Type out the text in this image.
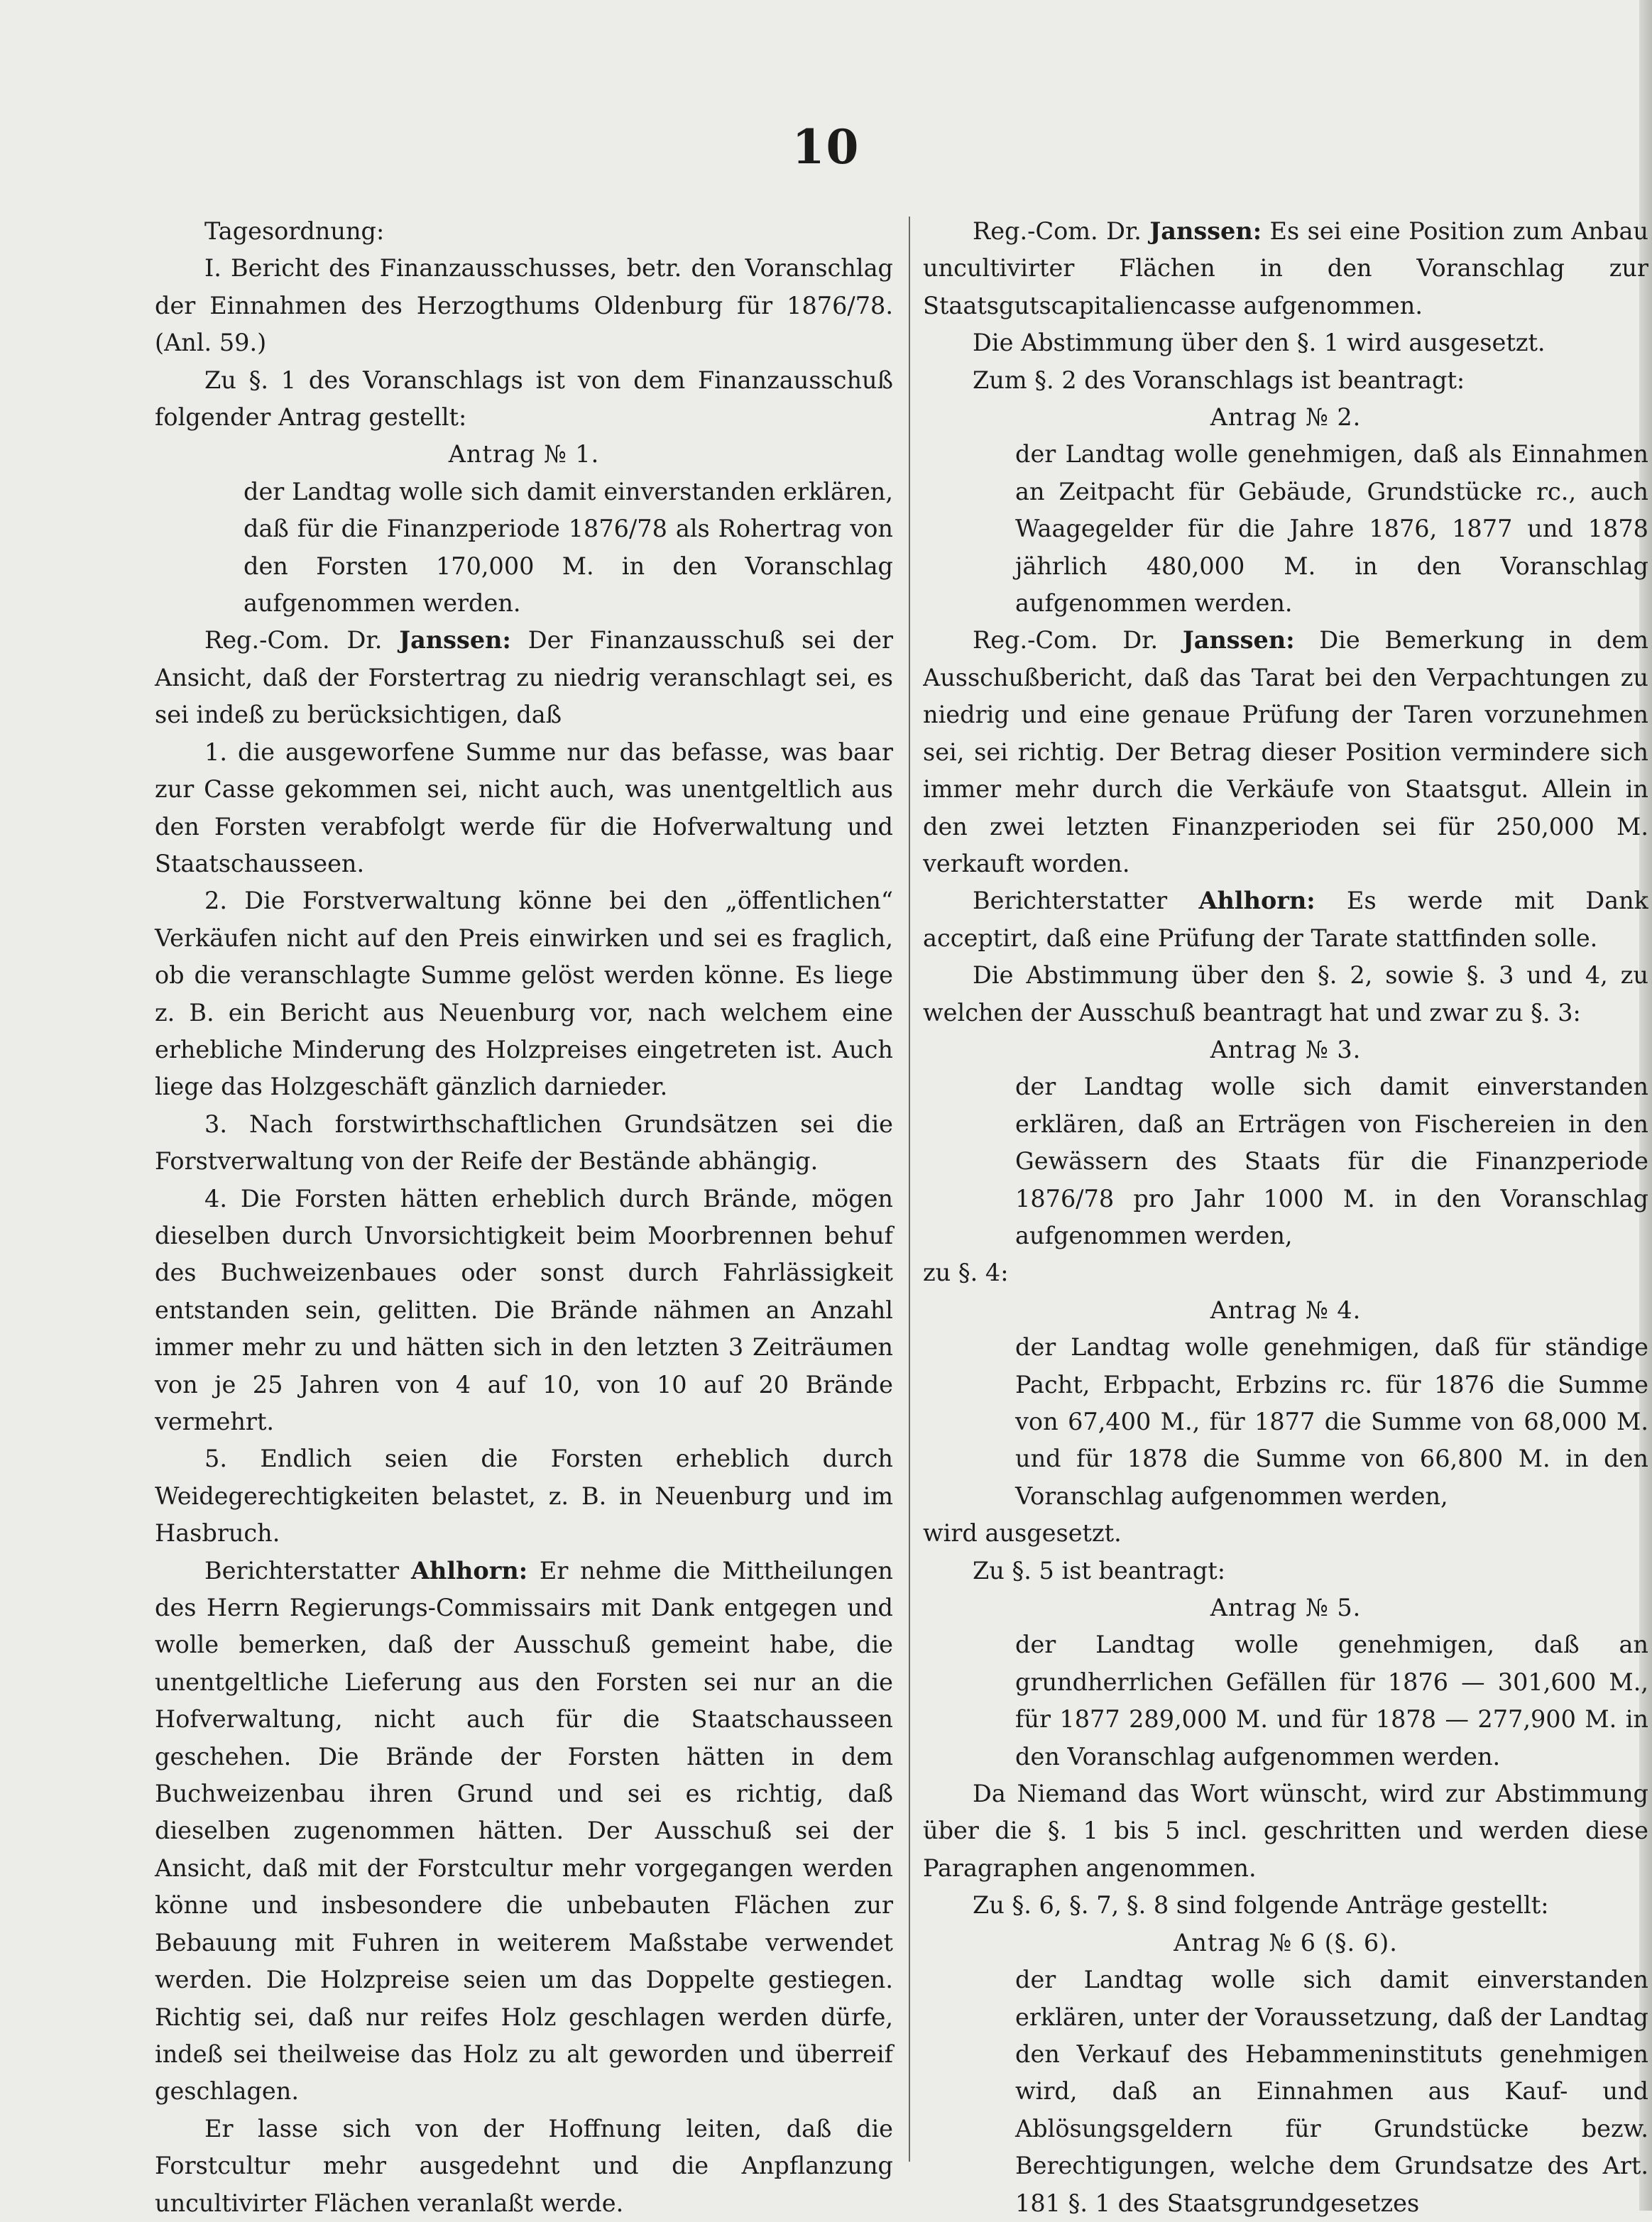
10

Tagesordnung:

I. Bericht des Finanzausschusses, betr. den Voranschlag der Einnahmen des Herzogthums Oldenburg für 1876/78. (Anl. 59.)

Zu §. 1 des Voranschlags ist von dem Finanzausschuß folgender Antrag gestellt:

Antrag № 1.

der Landtag wolle sich damit einverstanden erklären, daß für die Finanzperiode 1876/78 als Rohertrag von den Forsten 170,000 M. in den Voranschlag aufgenommen werden.

Reg.-Com. Dr. Janssen: Der Finanzausschuß sei der Ansicht, daß der Forstertrag zu niedrig veranschlagt sei, es sei indeß zu berücksichtigen, daß

1. die ausgeworfene Summe nur das befasse, was baar zur Casse gekommen sei, nicht auch, was unentgeltlich aus den Forsten verabfolgt werde für die Hofverwaltung und Staatschausseen.

2. Die Forstverwaltung könne bei den „öffentlichen“ Verkäufen nicht auf den Preis einwirken und sei es fraglich, ob die veranschlagte Summe gelöst werden könne. Es liege z. B. ein Bericht aus Neuenburg vor, nach welchem eine erhebliche Minderung des Holzpreises eingetreten ist. Auch liege das Holzgeschäft gänzlich darnieder.

3. Nach forstwirthschaftlichen Grundsätzen sei die Forstverwaltung von der Reife der Bestände abhängig.

4. Die Forsten hätten erheblich durch Brände, mögen dieselben durch Unvorsichtigkeit beim Moorbrennen behuf des Buchweizenbaues oder sonst durch Fahrlässigkeit entstanden sein, gelitten. Die Brände nähmen an Anzahl immer mehr zu und hätten sich in den letzten 3 Zeiträumen von je 25 Jahren von 4 auf 10, von 10 auf 20 Brände vermehrt.

5. Endlich seien die Forsten erheblich durch Weidegerechtigkeiten belastet, z. B. in Neuenburg und im Hasbruch.

Berichterstatter Ahlhorn: Er nehme die Mittheilungen des Herrn Regierungs-Commissairs mit Dank entgegen und wolle bemerken, daß der Ausschuß gemeint habe, die unentgeltliche Lieferung aus den Forsten sei nur an die Hofverwaltung, nicht auch für die Staatschausseen geschehen. Die Brände der Forsten hätten in dem Buchweizenbau ihren Grund und sei es richtig, daß dieselben zugenommen hätten. Der Ausschuß sei der Ansicht, daß mit der Forstcultur mehr vorgegangen werden könne und insbesondere die unbebauten Flächen zur Bebauung mit Fuhren in weiterem Maßstabe verwendet werden. Die Holzpreise seien um das Doppelte gestiegen. Richtig sei, daß nur reifes Holz geschlagen werden dürfe, indeß sei theilweise das Holz zu alt geworden und überreif geschlagen.

Er lasse sich von der Hoffnung leiten, daß die Forstcultur mehr ausgedehnt und die Anpflanzung uncultivirter Flächen veranlaßt werde.

Reg.-Com. Dr. Janssen: Es sei eine Position zum Anbau uncultivirter Flächen in den Voranschlag zur Staatsgutscapitaliencasse aufgenommen.

Die Abstimmung über den §. 1 wird ausgesetzt.

Zum §. 2 des Voranschlags ist beantragt:

Antrag № 2.

der Landtag wolle genehmigen, daß als Einnahmen an Zeitpacht für Gebäude, Grundstücke rc., auch Waagegelder für die Jahre 1876, 1877 und 1878 jährlich 480,000 M. in den Voranschlag aufgenommen werden.

Reg.-Com. Dr. Janssen: Die Bemerkung in dem Ausschußbericht, daß das Tarat bei den Verpachtungen zu niedrig und eine genaue Prüfung der Taren vorzunehmen sei, sei richtig. Der Betrag dieser Position vermindere sich immer mehr durch die Verkäufe von Staatsgut. Allein in den zwei letzten Finanzperioden sei für 250,000 M. verkauft worden.

Berichterstatter Ahlhorn: Es werde mit Dank acceptirt, daß eine Prüfung der Tarate stattfinden solle.

Die Abstimmung über den §. 2, sowie §. 3 und 4, zu welchen der Ausschuß beantragt hat und zwar zu §. 3:

Antrag № 3.

der Landtag wolle sich damit einverstanden erklären, daß an Erträgen von Fischereien in den Gewässern des Staats für die Finanzperiode 1876/78 pro Jahr 1000 M. in den Voranschlag aufgenommen werden,

zu §. 4:

Antrag № 4.

der Landtag wolle genehmigen, daß für ständige Pacht, Erbpacht, Erbzins rc. für 1876 die Summe von 67,400 M., für 1877 die Summe von 68,000 M. und für 1878 die Summe von 66,800 M. in den Voranschlag aufgenommen werden,

wird ausgesetzt.

Zu §. 5 ist beantragt:

Antrag № 5.

der Landtag wolle genehmigen, daß an grundherrlichen Gefällen für 1876 — 301,600 M., für 1877 289,000 M. und für 1878 — 277,900 M. in den Voranschlag aufgenommen werden.

Da Niemand das Wort wünscht, wird zur Abstimmung über die §. 1 bis 5 incl. geschritten und werden diese Paragraphen angenommen.

Zu §. 6, §. 7, §. 8 sind folgende Anträge gestellt:

Antrag № 6 (§. 6).

der Landtag wolle sich damit einverstanden erklären, unter der Voraussetzung, daß der Landtag den Verkauf des Hebammeninstituts genehmigen wird, daß an Einnahmen aus Kauf- und Ablösungsgeldern für Grundstücke bezw. Berechtigungen, welche dem Grundsatze des Art. 181 §. 1 des Staatsgrundgesetzes
